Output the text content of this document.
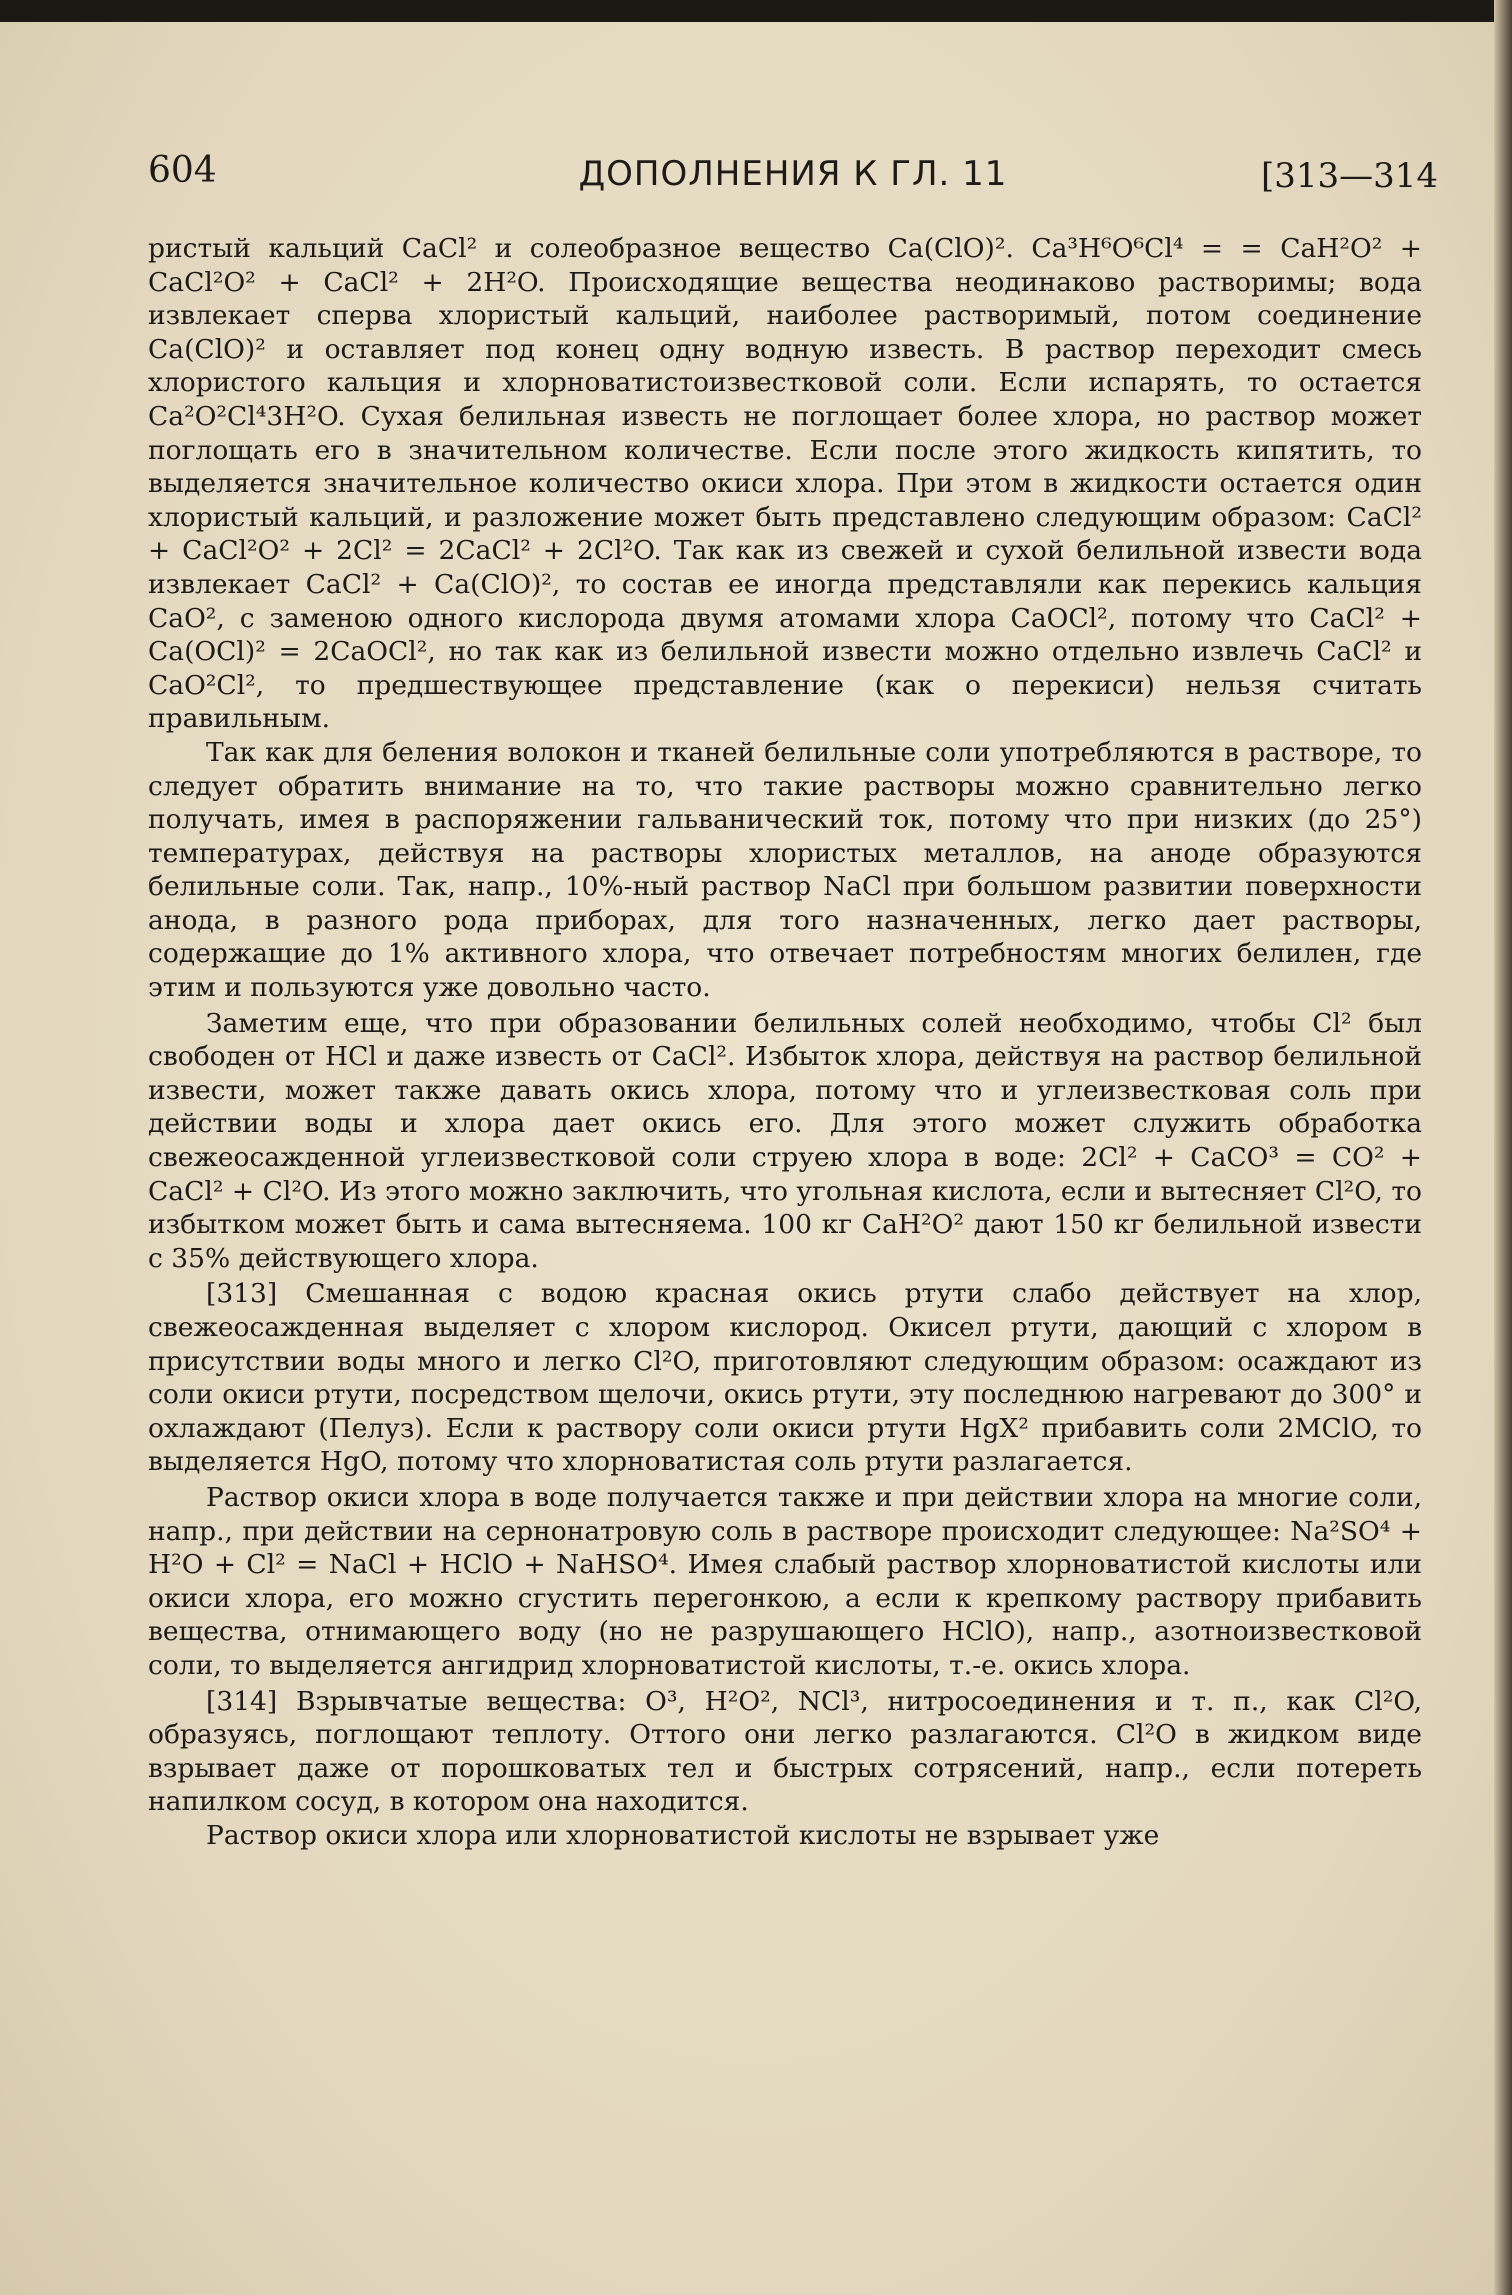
604	ДОПОЛНЕНИЯ К ГЛ. 11	[313—314

ристый кальций CaCl² и солеобразное вещество Ca(ClO)². Ca³H⁶O⁶Cl⁴ = = CaH²O² + CaCl²O² + CaCl² + 2H²O. Происходящие вещества неодинаково растворимы; вода извлекает сперва хлористый кальций, наиболее растворимый, потом соединение Ca(ClO)² и оставляет под конец одну водную известь. В раствор переходит смесь хлористого кальция и хлорноватистоизвестковой соли. Если испарять, то остается Ca²O²Cl⁴3H²O. Сухая белильная известь не поглощает более хлора, но раствор может поглощать его в значительном количестве. Если после этого жидкость кипятить, то выделяется значительное количество окиси хлора. При этом в жидкости остается один хлористый кальций, и разложение может быть представлено следующим образом: CaCl² + CaCl²O² + 2Cl² = 2CaCl² + 2Cl²O. Так как из свежей и сухой белильной извести вода извлекает CaCl² + Ca(ClO)², то состав ее иногда представляли как перекись кальция CaO², с заменою одного кислорода двумя атомами хлора CaOCl², потому что CaCl² + Ca(OCl)² = 2CaOCl², но так как из белильной извести можно отдельно извлечь CaCl² и CaO²Cl², то предшествующее представление (как о перекиси) нельзя считать правильным.

Так как для беления волокон и тканей белильные соли употребляются в растворе, то следует обратить внимание на то, что такие растворы можно сравнительно легко получать, имея в распоряжении гальванический ток, потому что при низких (до 25°) температурах, действуя на растворы хлористых металлов, на аноде образуются белильные соли. Так, напр., 10%-ный раствор NaCl при большом развитии поверхности анода, в разного рода приборах, для того назначенных, легко дает растворы, содержащие до 1% активного хлора, что отвечает потребностям многих белилен, где этим и пользуются уже довольно часто.

Заметим еще, что при образовании белильных солей необходимо, чтобы Cl² был свободен от HCl и даже известь от CaCl². Избыток хлора, действуя на раствор белильной извести, может также давать окись хлора, потому что и углеизвестковая соль при действии воды и хлора дает окись его. Для этого может служить обработка свежеосажденной углеизвестковой соли струею хлора в воде: 2Cl² + CaCO³ = CO² + CaCl² + Cl²O. Из этого можно заключить, что угольная кислота, если и вытесняет Cl²O, то избытком может быть и сама вытесняема. 100 кг CaH²O² дают 150 кг белильной извести с 35% действующего хлора.

[313] Смешанная с водою красная окись ртути слабо действует на хлор, свежеосажденная выделяет с хлором кислород. Окисел ртути, дающий с хлором в присутствии воды много и легко Cl²O, приготовляют следующим образом: осаждают из соли окиси ртути, посредством щелочи, окись ртути, эту последнюю нагревают до 300° и охлаждают (Пелуз). Если к раствору соли окиси ртути HgX² прибавить соли 2MClO, то выделяется HgO, потому что хлорноватистая соль ртути разлагается.

Раствор окиси хлора в воде получается также и при действии хлора на многие соли, напр., при действии на сернонатровую соль в растворе происходит следующее: Na²SO⁴ + H²O + Cl² = NaCl + HClO + NaHSO⁴. Имея слабый раствор хлорноватистой кислоты или окиси хлора, его можно сгустить перегонкою, а если к крепкому раствору прибавить вещества, отнимающего воду (но не разрушающего HClO), напр., азотноизвестковой соли, то выделяется ангидрид хлорноватистой кислоты, т.-е. окись хлора.

[314] Взрывчатые вещества: O³, H²O², NCl³, нитросоединения и т. п., как Cl²O, образуясь, поглощают теплоту. Оттого они легко разлагаются. Cl²O в жидком виде взрывает даже от порошковатых тел и быстрых сотрясений, напр., если потереть напилком сосуд, в котором она находится.

Раствор окиси хлора или хлорноватистой кислоты не взрывает уже
